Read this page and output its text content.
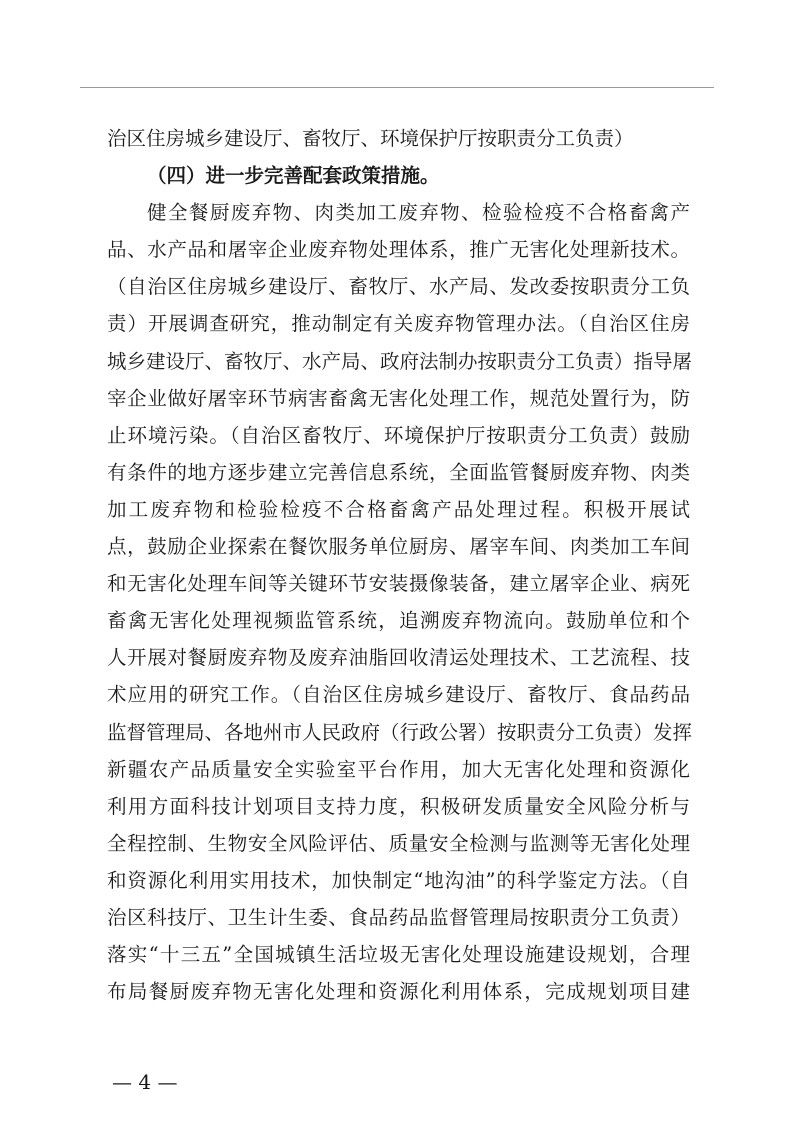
治区住房城乡建设厅、畜牧厅、环境保护厅按职责分工负责）
（四）进一步完善配套政策措施。
健全餐厨废弃物、肉类加工废弃物、检验检疫不合格畜禽产
品、水产品和屠宰企业废弃物处理体系，推广无害化处理新技术。
（自治区住房城乡建设厅、畜牧厅、水产局、发改委按职责分工负
责）开展调查研究，推动制定有关废弃物管理办法。（自治区住房
城乡建设厅、畜牧厅、水产局、政府法制办按职责分工负责）指导屠
宰企业做好屠宰环节病害畜禽无害化处理工作，规范处置行为，防
止环境污染。（自治区畜牧厅、环境保护厅按职责分工负责）鼓励
有条件的地方逐步建立完善信息系统，全面监管餐厨废弃物、肉类
加工废弃物和检验检疫不合格畜禽产品处理过程。积极开展试
点，鼓励企业探索在餐饮服务单位厨房、屠宰车间、肉类加工车间
和无害化处理车间等关键环节安装摄像装备，建立屠宰企业、病死
畜禽无害化处理视频监管系统，追溯废弃物流向。鼓励单位和个
人开展对餐厨废弃物及废弃油脂回收清运处理技术、工艺流程、技
术应用的研究工作。（自治区住房城乡建设厅、畜牧厅、食品药品
监督管理局、各地州市人民政府（行政公署）按职责分工负责）发挥
新疆农产品质量安全实验室平台作用，加大无害化处理和资源化
利用方面科技计划项目支持力度，积极研发质量安全风险分析与
全程控制、生物安全风险评估、质量安全检测与监测等无害化处理
和资源化利用实用技术，加快制定“地沟油”的科学鉴定方法。（自
治区科技厅、卫生计生委、食品药品监督管理局按职责分工负责）
落实“十三五”全国城镇生活垃圾无害化处理设施建设规划，合理
布局餐厨废弃物无害化处理和资源化利用体系，完成规划项目建
— 4 —
